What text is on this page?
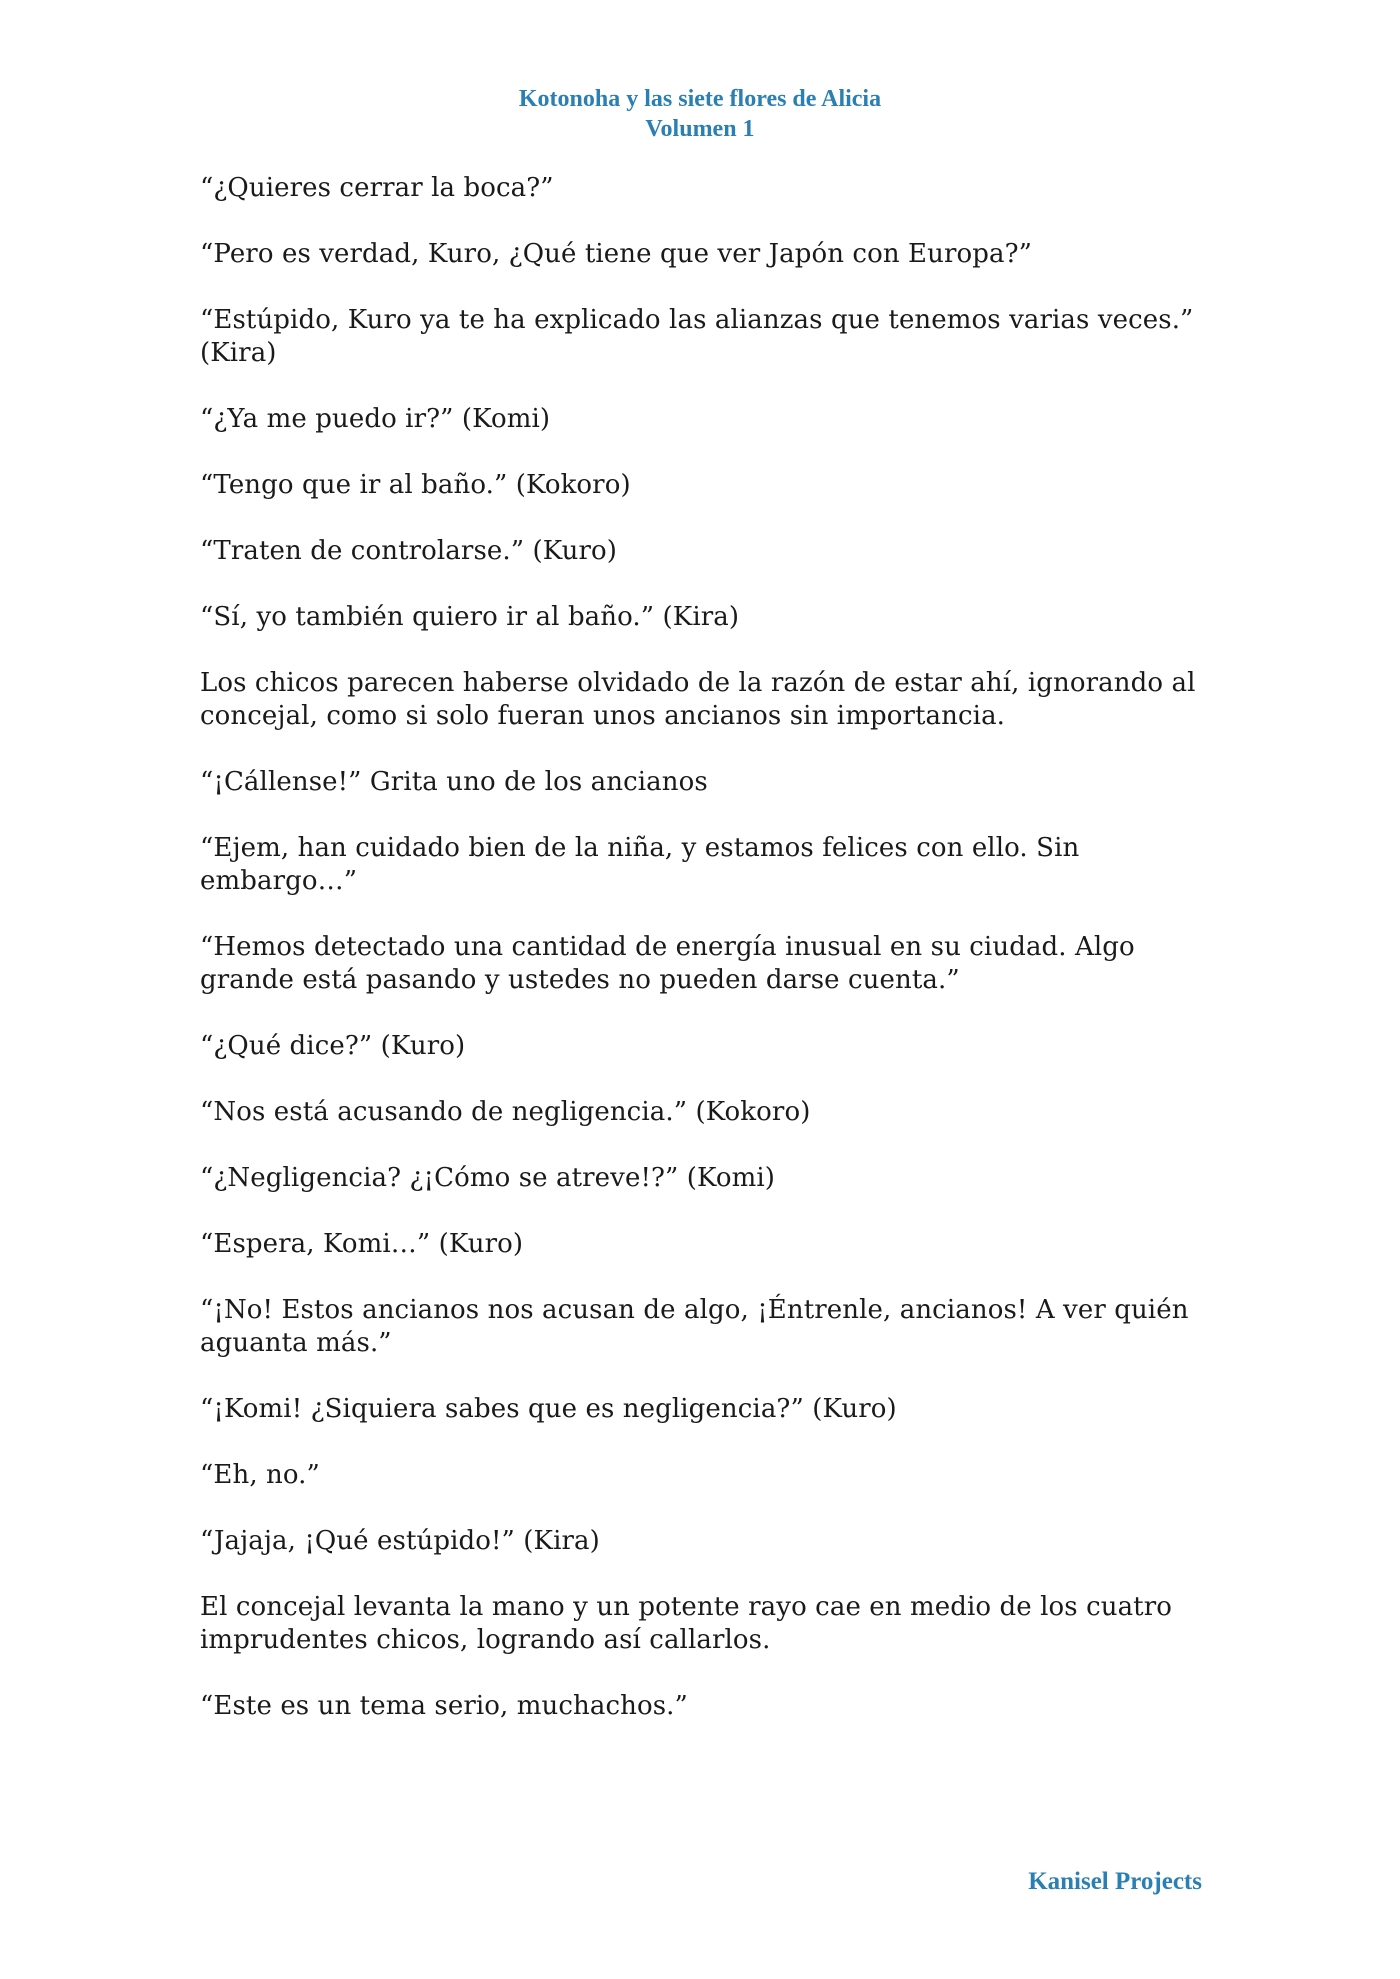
Kotonoha y las siete flores de Alicia
Volumen 1

“¿Quieres cerrar la boca?”

“Pero es verdad, Kuro, ¿Qué tiene que ver Japón con Europa?”

“Estúpido, Kuro ya te ha explicado las alianzas que tenemos varias veces.” (Kira)

“¿Ya me puedo ir?” (Komi)

“Tengo que ir al baño.” (Kokoro)

“Traten de controlarse.” (Kuro)

“Sí, yo también quiero ir al baño.” (Kira)

Los chicos parecen haberse olvidado de la razón de estar ahí, ignorando al concejal, como si solo fueran unos ancianos sin importancia.

“¡Cállense!” Grita uno de los ancianos

“Ejem, han cuidado bien de la niña, y estamos felices con ello. Sin embargo…”

“Hemos detectado una cantidad de energía inusual en su ciudad. Algo grande está pasando y ustedes no pueden darse cuenta.”

“¿Qué dice?” (Kuro)

“Nos está acusando de negligencia.” (Kokoro)

“¿Negligencia? ¿¡Cómo se atreve!?” (Komi)

“Espera, Komi…” (Kuro)

“¡No! Estos ancianos nos acusan de algo, ¡Éntrenle, ancianos! A ver quién aguanta más.”

“¡Komi! ¿Siquiera sabes que es negligencia?” (Kuro)

“Eh, no.”

“Jajaja, ¡Qué estúpido!” (Kira)

El concejal levanta la mano y un potente rayo cae en medio de los cuatro imprudentes chicos, logrando así callarlos.

“Este es un tema serio, muchachos.”

Kanisel Projects
